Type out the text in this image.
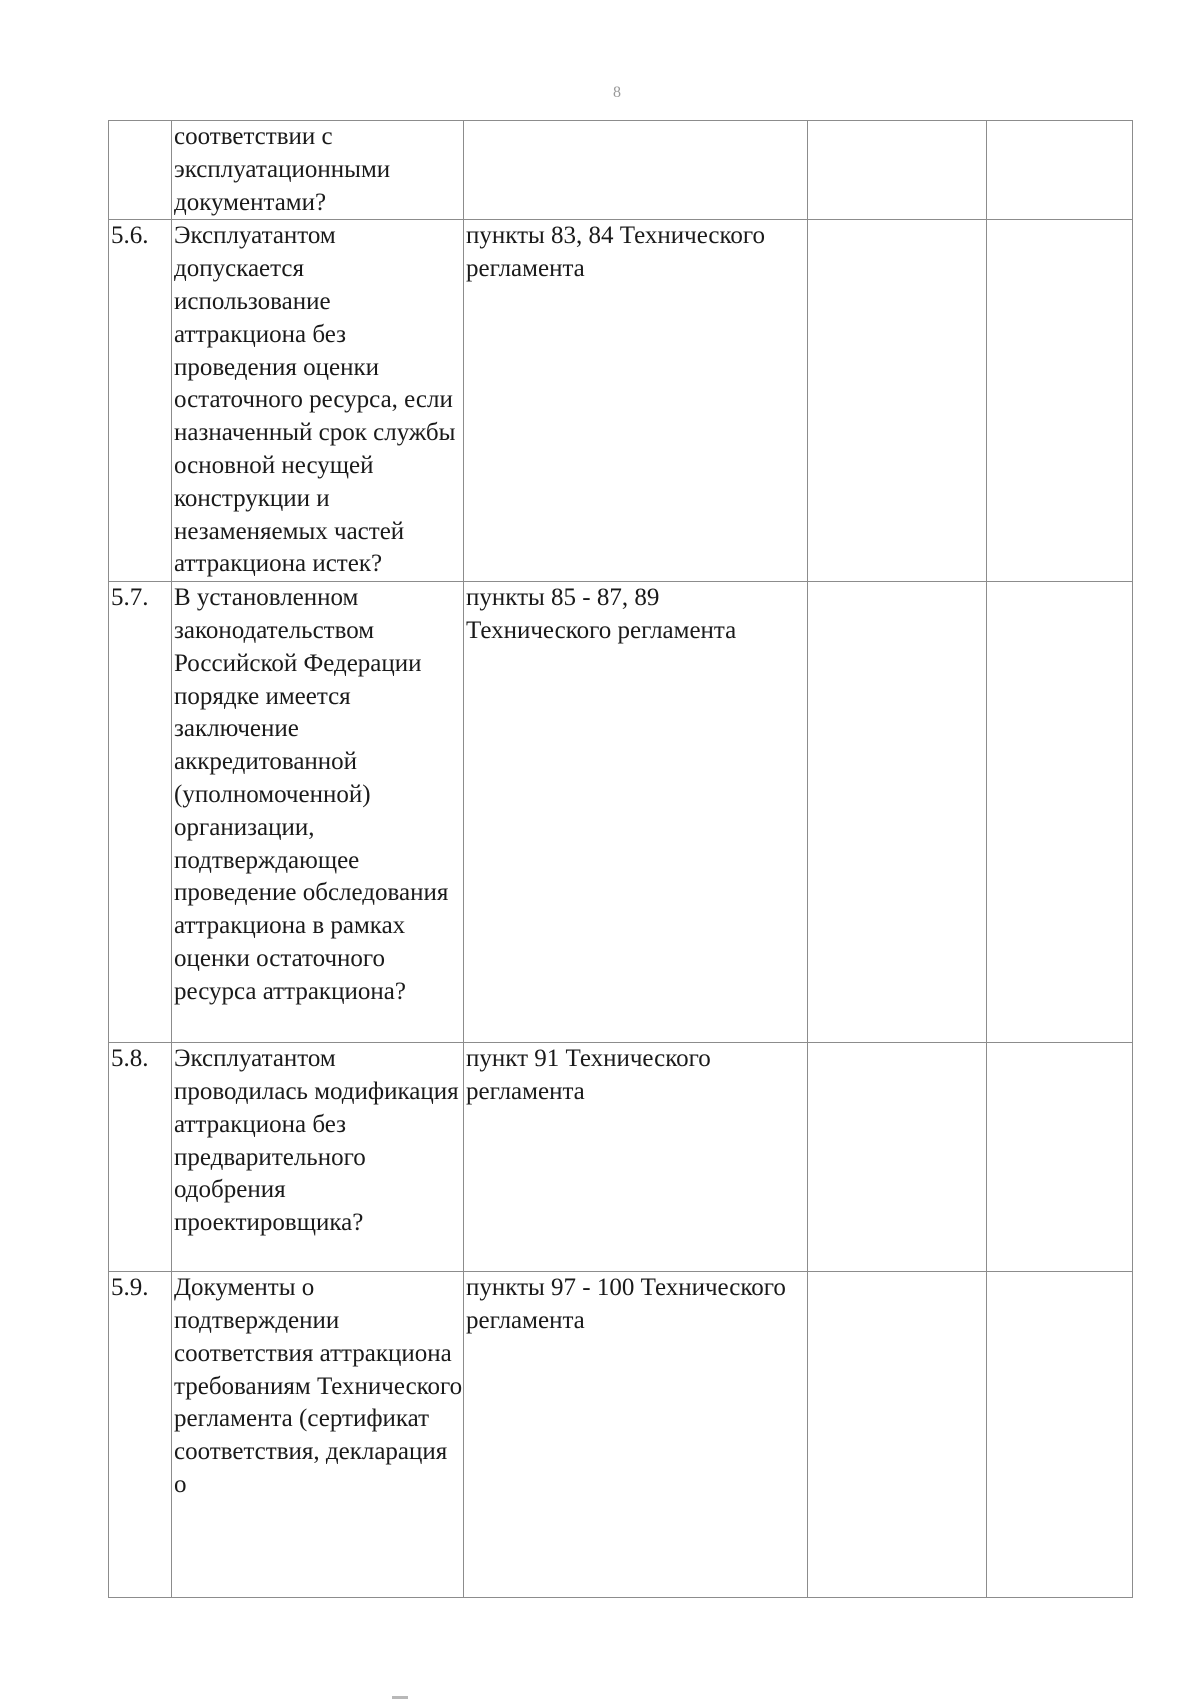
8
	соответствии с эксплуатационными документами?			
5.6.	Эксплуатантом допускается использование аттракциона без проведения оценки остаточного ресурса, если назначенный срок службы основной несущей конструкции и незаменяемых частей аттракциона истек?	пункты 83, 84 Технического регламента		
5.7.	В установленном законодательством Российской Федерации порядке имеется заключение аккредитованной (уполномоченной) организации, подтверждающее проведение обследования аттракциона в рамках оценки остаточного ресурса аттракциона?	пункты 85 - 87, 89 Технического регламента		
5.8.	Эксплуатантом проводилась модификация аттракциона без предварительного одобрения проектировщика?	пункт 91 Технического регламента		
5.9.	Документы о подтверждении соответствия аттракциона требованиям Технического регламента (сертификат соответствия, декларация о	пункты 97 - 100 Технического регламента		
